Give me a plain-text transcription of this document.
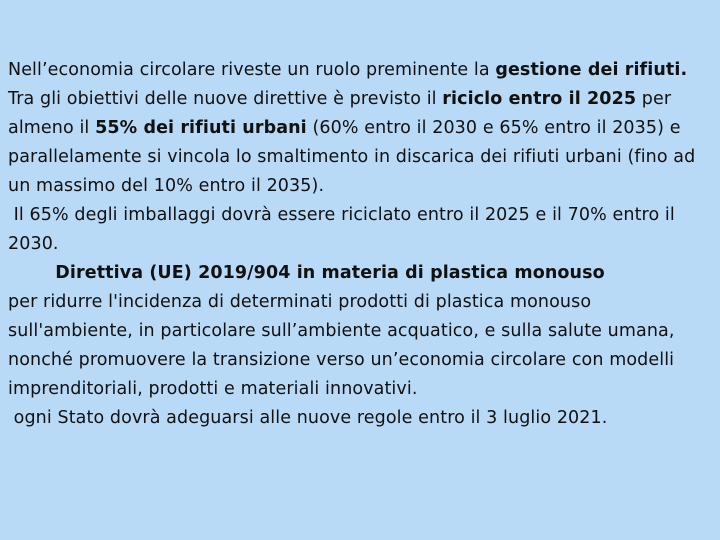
Nell’economia circolare riveste un ruolo preminente la gestione dei rifiuti.

Tra gli obiettivi delle nuove direttive è previsto il riciclo entro il 2025 per almeno il 55% dei rifiuti urbani (60% entro il 2030 e 65% entro il 2035) e parallelamente si vincola lo smaltimento in discarica dei rifiuti urbani (fino ad un massimo del 10% entro il 2035).

Il 65% degli imballaggi dovrà essere riciclato entro il 2025 e il 70% entro il 2030.

Direttiva (UE) 2019/904 in materia di plastica monouso

per ridurre l'incidenza di determinati prodotti di plastica monouso sull'ambiente, in particolare sull’ambiente acquatico, e sulla salute umana, nonché promuovere la transizione verso un’economia circolare con modelli imprenditoriali, prodotti e materiali innovativi.

ogni Stato dovrà adeguarsi alle nuove regole entro il 3 luglio 2021.
